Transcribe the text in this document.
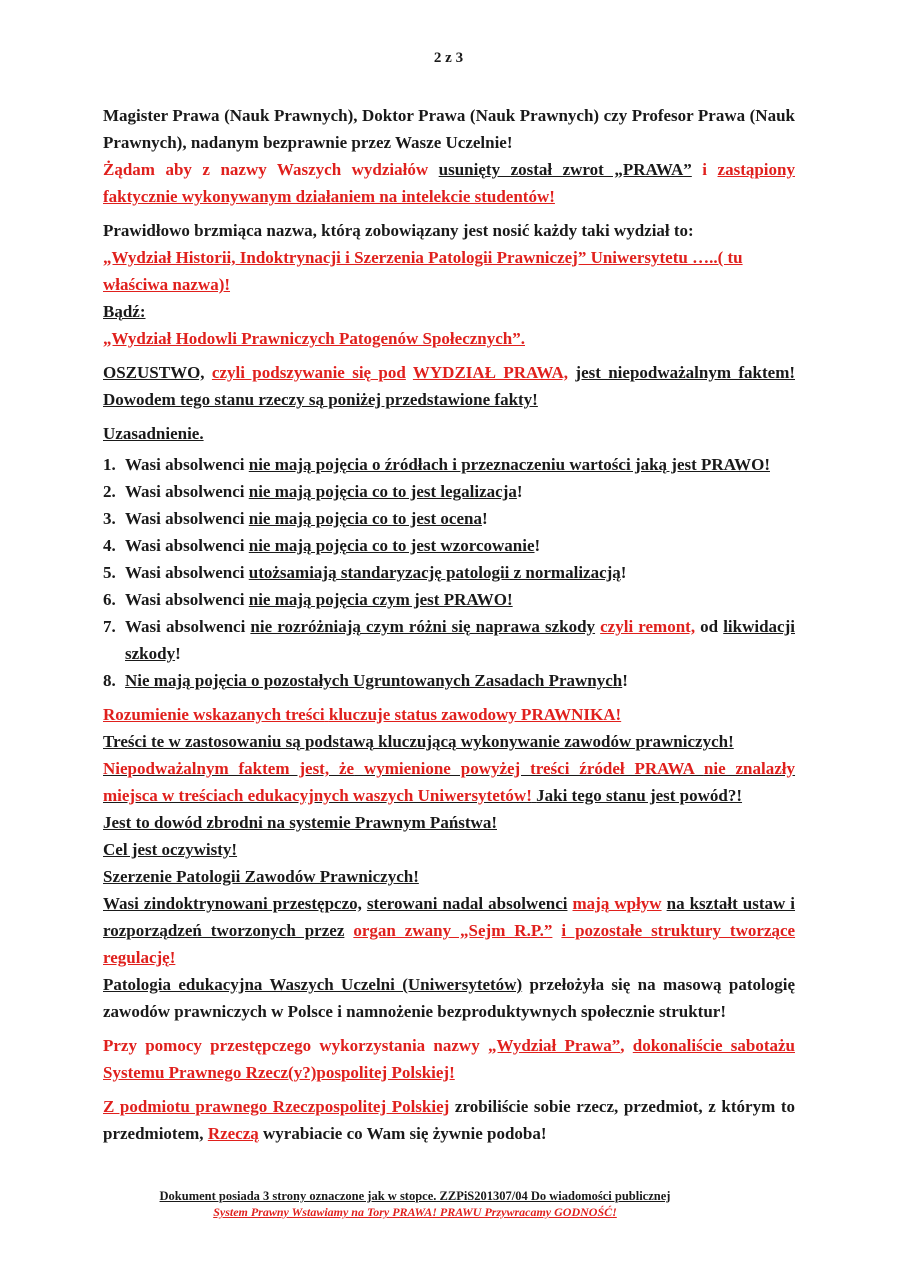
2 z 3

Magister Prawa (Nauk Prawnych), Doktor Prawa (Nauk Prawnych) czy Profesor Prawa (Nauk Prawnych), nadanym bezprawnie przez Wasze Uczelnie!

Żądam aby z nazwy Waszych wydziałów usunięty został zwrot „PRAWA” i zastąpiony faktycznie wykonywanym działaniem na intelekcie studentów!

Prawidłowo brzmiąca nazwa, którą zobowiązany jest nosić każdy taki wydział to:

„Wydział Historii, Indoktrynacji i Szerzenia Patologii Prawniczej” Uniwersytetu …..( tu właściwa nazwa)!

Bądź:

„Wydział Hodowli Prawniczych Patogenów Społecznych”.

OSZUSTWO, czyli podszywanie się pod WYDZIAŁ PRAWA, jest niepodważalnym faktem! Dowodem tego stanu rzeczy są poniżej przedstawione fakty!

Uzasadnienie.

1. Wasi absolwenci nie mają pojęcia o źródłach i przeznaczeniu wartości jaką jest PRAWO!
2. Wasi absolwenci nie mają pojęcia co to jest legalizacja!
3. Wasi absolwenci nie mają pojęcia co to jest ocena!
4. Wasi absolwenci nie mają pojęcia co to jest wzorcowanie!
5. Wasi absolwenci utożsamiają standaryzację patologii z normalizacją!
6. Wasi absolwenci nie mają pojęcia czym jest PRAWO!
7. Wasi absolwenci nie rozróżniają czym różni się naprawa szkody czyli remont, od likwidacji szkody!
8. Nie mają pojęcia o pozostałych Ugruntowanych Zasadach Prawnych!

Rozumienie wskazanych treści kluczuje status zawodowy PRAWNIKA!

Treści te w zastosowaniu są podstawą kluczującą wykonywanie zawodów prawniczych!

Niepodważalnym faktem jest, że wymienione powyżej treści źródeł PRAWA nie znalazły miejsca w treściach edukacyjnych waszych Uniwersytetów! Jaki tego stanu jest powód?!

Jest to dowód zbrodni na systemie Prawnym Państwa!

Cel jest oczywisty!

Szerzenie Patologii Zawodów Prawniczych!

Wasi zindoktrynowani przestępczo, sterowani nadal absolwenci mają wpływ na kształt ustaw i rozporządzeń tworzonych przez organ zwany „Sejm R.P.” i pozostałe struktury tworzące regulację!

Patologia edukacyjna Waszych Uczelni (Uniwersytetów) przełożyła się na masową patologię zawodów prawniczych w Polsce i namnożenie bezproduktywnych społecznie struktur!

Przy pomocy przestępczego wykorzystania nazwy „Wydział Prawa”, dokonaliście sabotażu Systemu Prawnego Rzecz(y?)pospolitej Polskiej!

Z podmiotu prawnego Rzeczpospolitej Polskiej zrobiliście sobie rzecz, przedmiot, z którym to przedmiotem, Rzeczą wyrabiacie co Wam się żywnie podoba!

Dokument posiada 3 strony oznaczone jak w stopce. ZZPiS201307/04 Do wiadomości publicznej
System Prawny Wstawiamy na Tory PRAWA! PRAWU Przywracamy GODNOŚĆ!
